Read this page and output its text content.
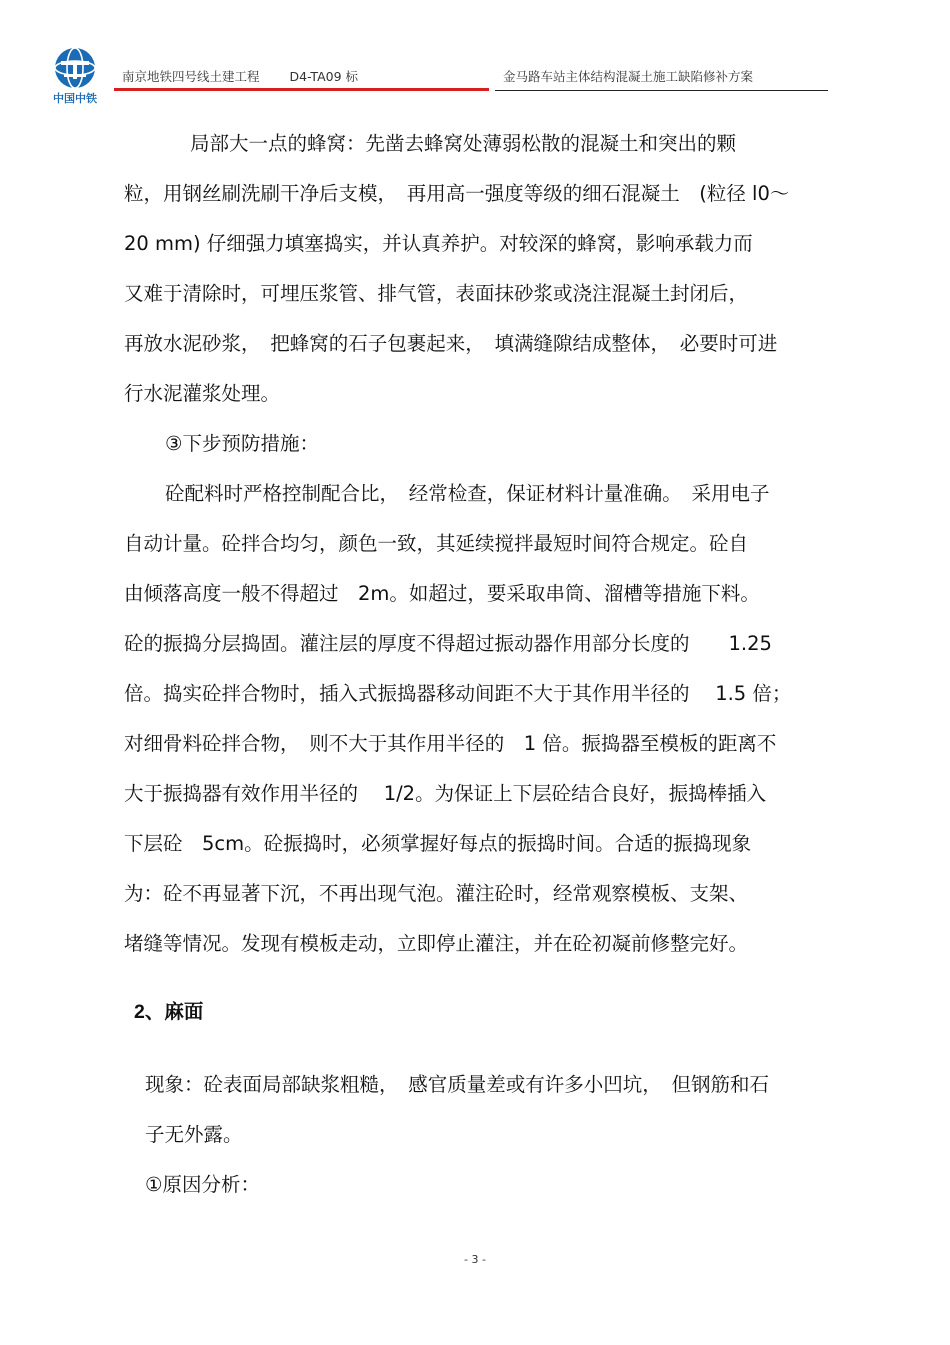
中国中铁
南京地铁四号线土建工程 D4-TA09 标	金马路车站主体结构混凝土施工缺陷修补方案
局部大一点的蜂窝：先凿去蜂窝处薄弱松散的混凝土和突出的颗
粒，用钢丝刷洗刷干净后支模，　再用高一强度等级的细石混凝土　(粒径 l0～
20 mm) 仔细强力填塞捣实，并认真养护。对较深的蜂窝，影响承载力而
又难于清除时，可埋压浆管、排气管，表面抹砂浆或浇注混凝土封闭后，
再放水泥砂浆，　把蜂窝的石子包裹起来，　填满缝隙结成整体，　必要时可进
行水泥灌浆处理。
③下步预防措施：
砼配料时严格控制配合比，　经常检查，保证材料计量准确。　采用电子
自动计量。砼拌合均匀，颜色一致，其延续搅拌最短时间符合规定。砼自
由倾落高度一般不得超过　2m。如超过，要采取串筒、溜槽等措施下料。
砼的振捣分层捣固。灌注层的厚度不得超过振动器作用部分长度的　　1.25
倍。捣实砼拌合物时，插入式振捣器移动间距不大于其作用半径的　 1.5 倍；
对细骨料砼拌合物，　则不大于其作用半径的　1 倍。振捣器至模板的距离不
大于振捣器有效作用半径的　 1/2。为保证上下层砼结合良好，振捣棒插入
下层砼　5cm。砼振捣时，必须掌握好每点的振捣时间。合适的振捣现象
为：砼不再显著下沉，不再出现气泡。灌注砼时，经常观察模板、支架、
堵缝等情况。发现有模板走动，立即停止灌注，并在砼初凝前修整完好。
2、麻面
现象：砼表面局部缺浆粗糙，　感官质量差或有许多小凹坑，　但钢筋和石
子无外露。
①原因分析：
- 3 -
